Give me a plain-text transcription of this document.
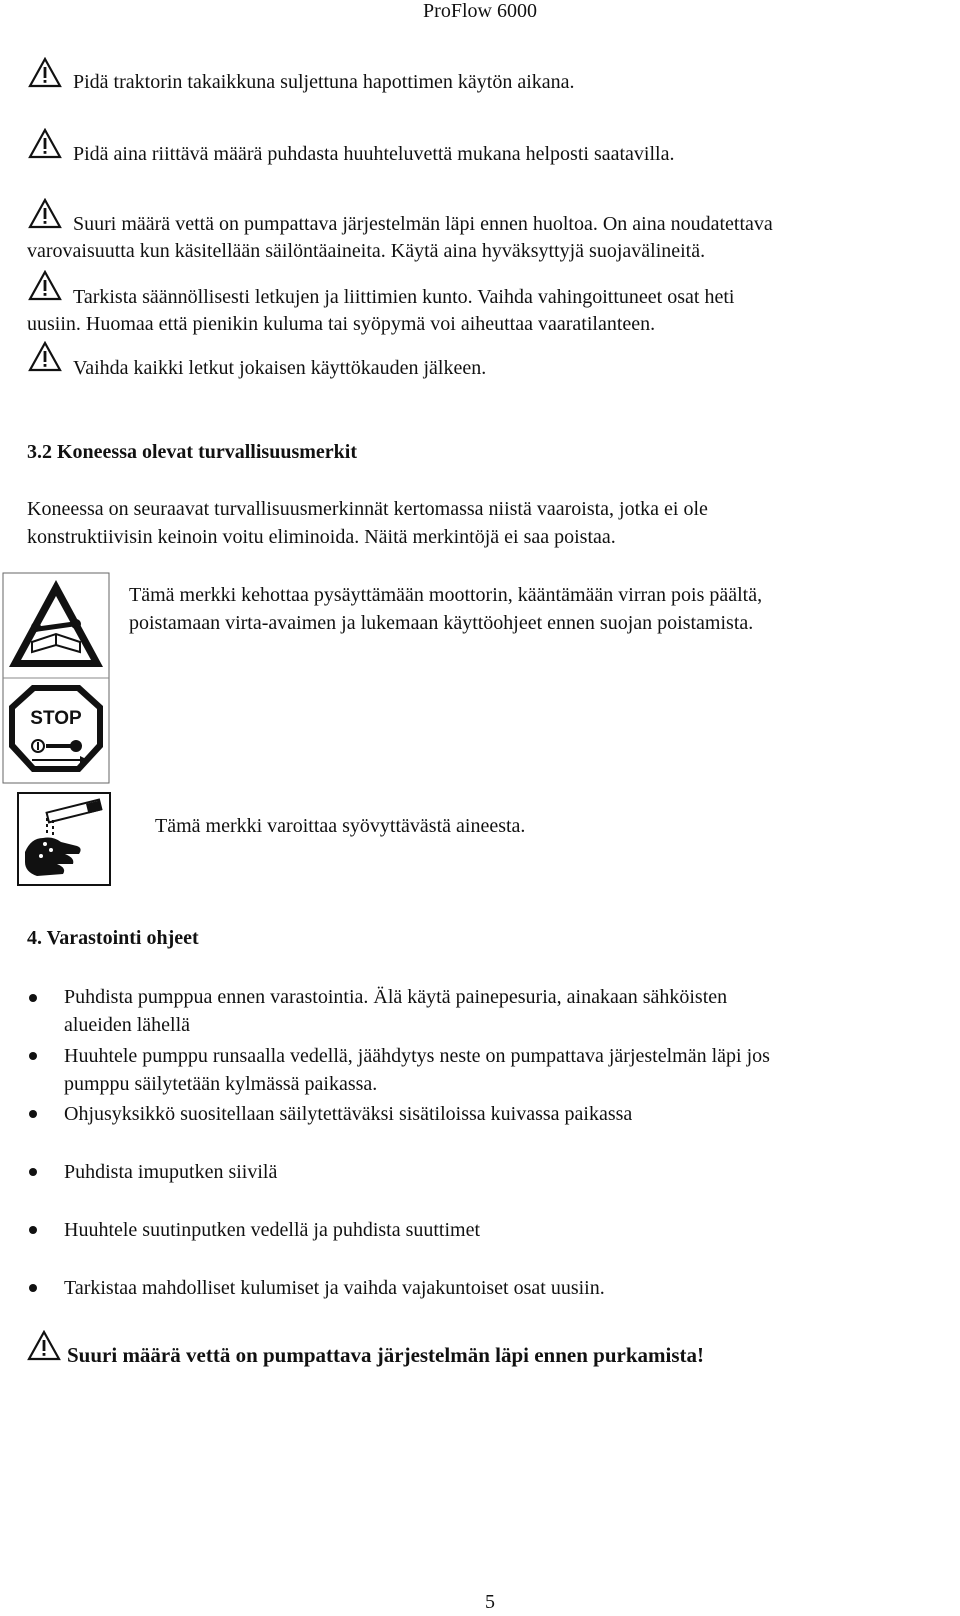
ProFlow 6000
Pidä traktorin takaikkuna suljettuna hapottimen käytön aikana.
Pidä aina riittävä määrä puhdasta huuhteluvettä mukana helposti saatavilla.
Suuri määrä vettä on pumpattava järjestelmän läpi ennen huoltoa. On aina noudatettava
varovaisuutta kun käsitellään säilöntäaineita. Käytä aina hyväksyttyjä suojavälineitä.
Tarkista säännöllisesti letkujen ja liittimien kunto. Vaihda vahingoittuneet osat heti
uusiin. Huomaa että pienikin kuluma tai syöpymä voi aiheuttaa vaaratilanteen.
Vaihda kaikki letkut jokaisen käyttökauden jälkeen.
3.2 Koneessa olevat turvallisuusmerkit
Koneessa on seuraavat turvallisuusmerkinnät kertomassa niistä vaaroista, jotka ei ole
konstruktiivisin keinoin voitu eliminoida. Näitä merkintöjä ei saa poistaa.
STOP
Tämä merkki kehottaa pysäyttämään moottorin, kääntämään virran pois päältä,
poistamaan virta-avaimen ja lukemaan käyttöohjeet ennen suojan poistamista.
Tämä merkki varoittaa syövyttävästä aineesta.
4. Varastointi ohjeet
Puhdista pumppua ennen varastointia. Älä käytä painepesuria, ainakaan sähköisten
alueiden lähellä
Huuhtele pumppu runsaalla vedellä, jäähdytys neste on pumpattava järjestelmän läpi jos
pumppu säilytetään kylmässä paikassa.
Ohjusyksikkö suositellaan säilytettäväksi sisätiloissa kuivassa paikassa
Puhdista imuputken siivilä
Huuhtele suutinputken vedellä ja puhdista suuttimet
Tarkistaa mahdolliset kulumiset ja vaihda vajakuntoiset osat uusiin.
Suuri määrä vettä on pumpattava järjestelmän läpi ennen purkamista!
5
